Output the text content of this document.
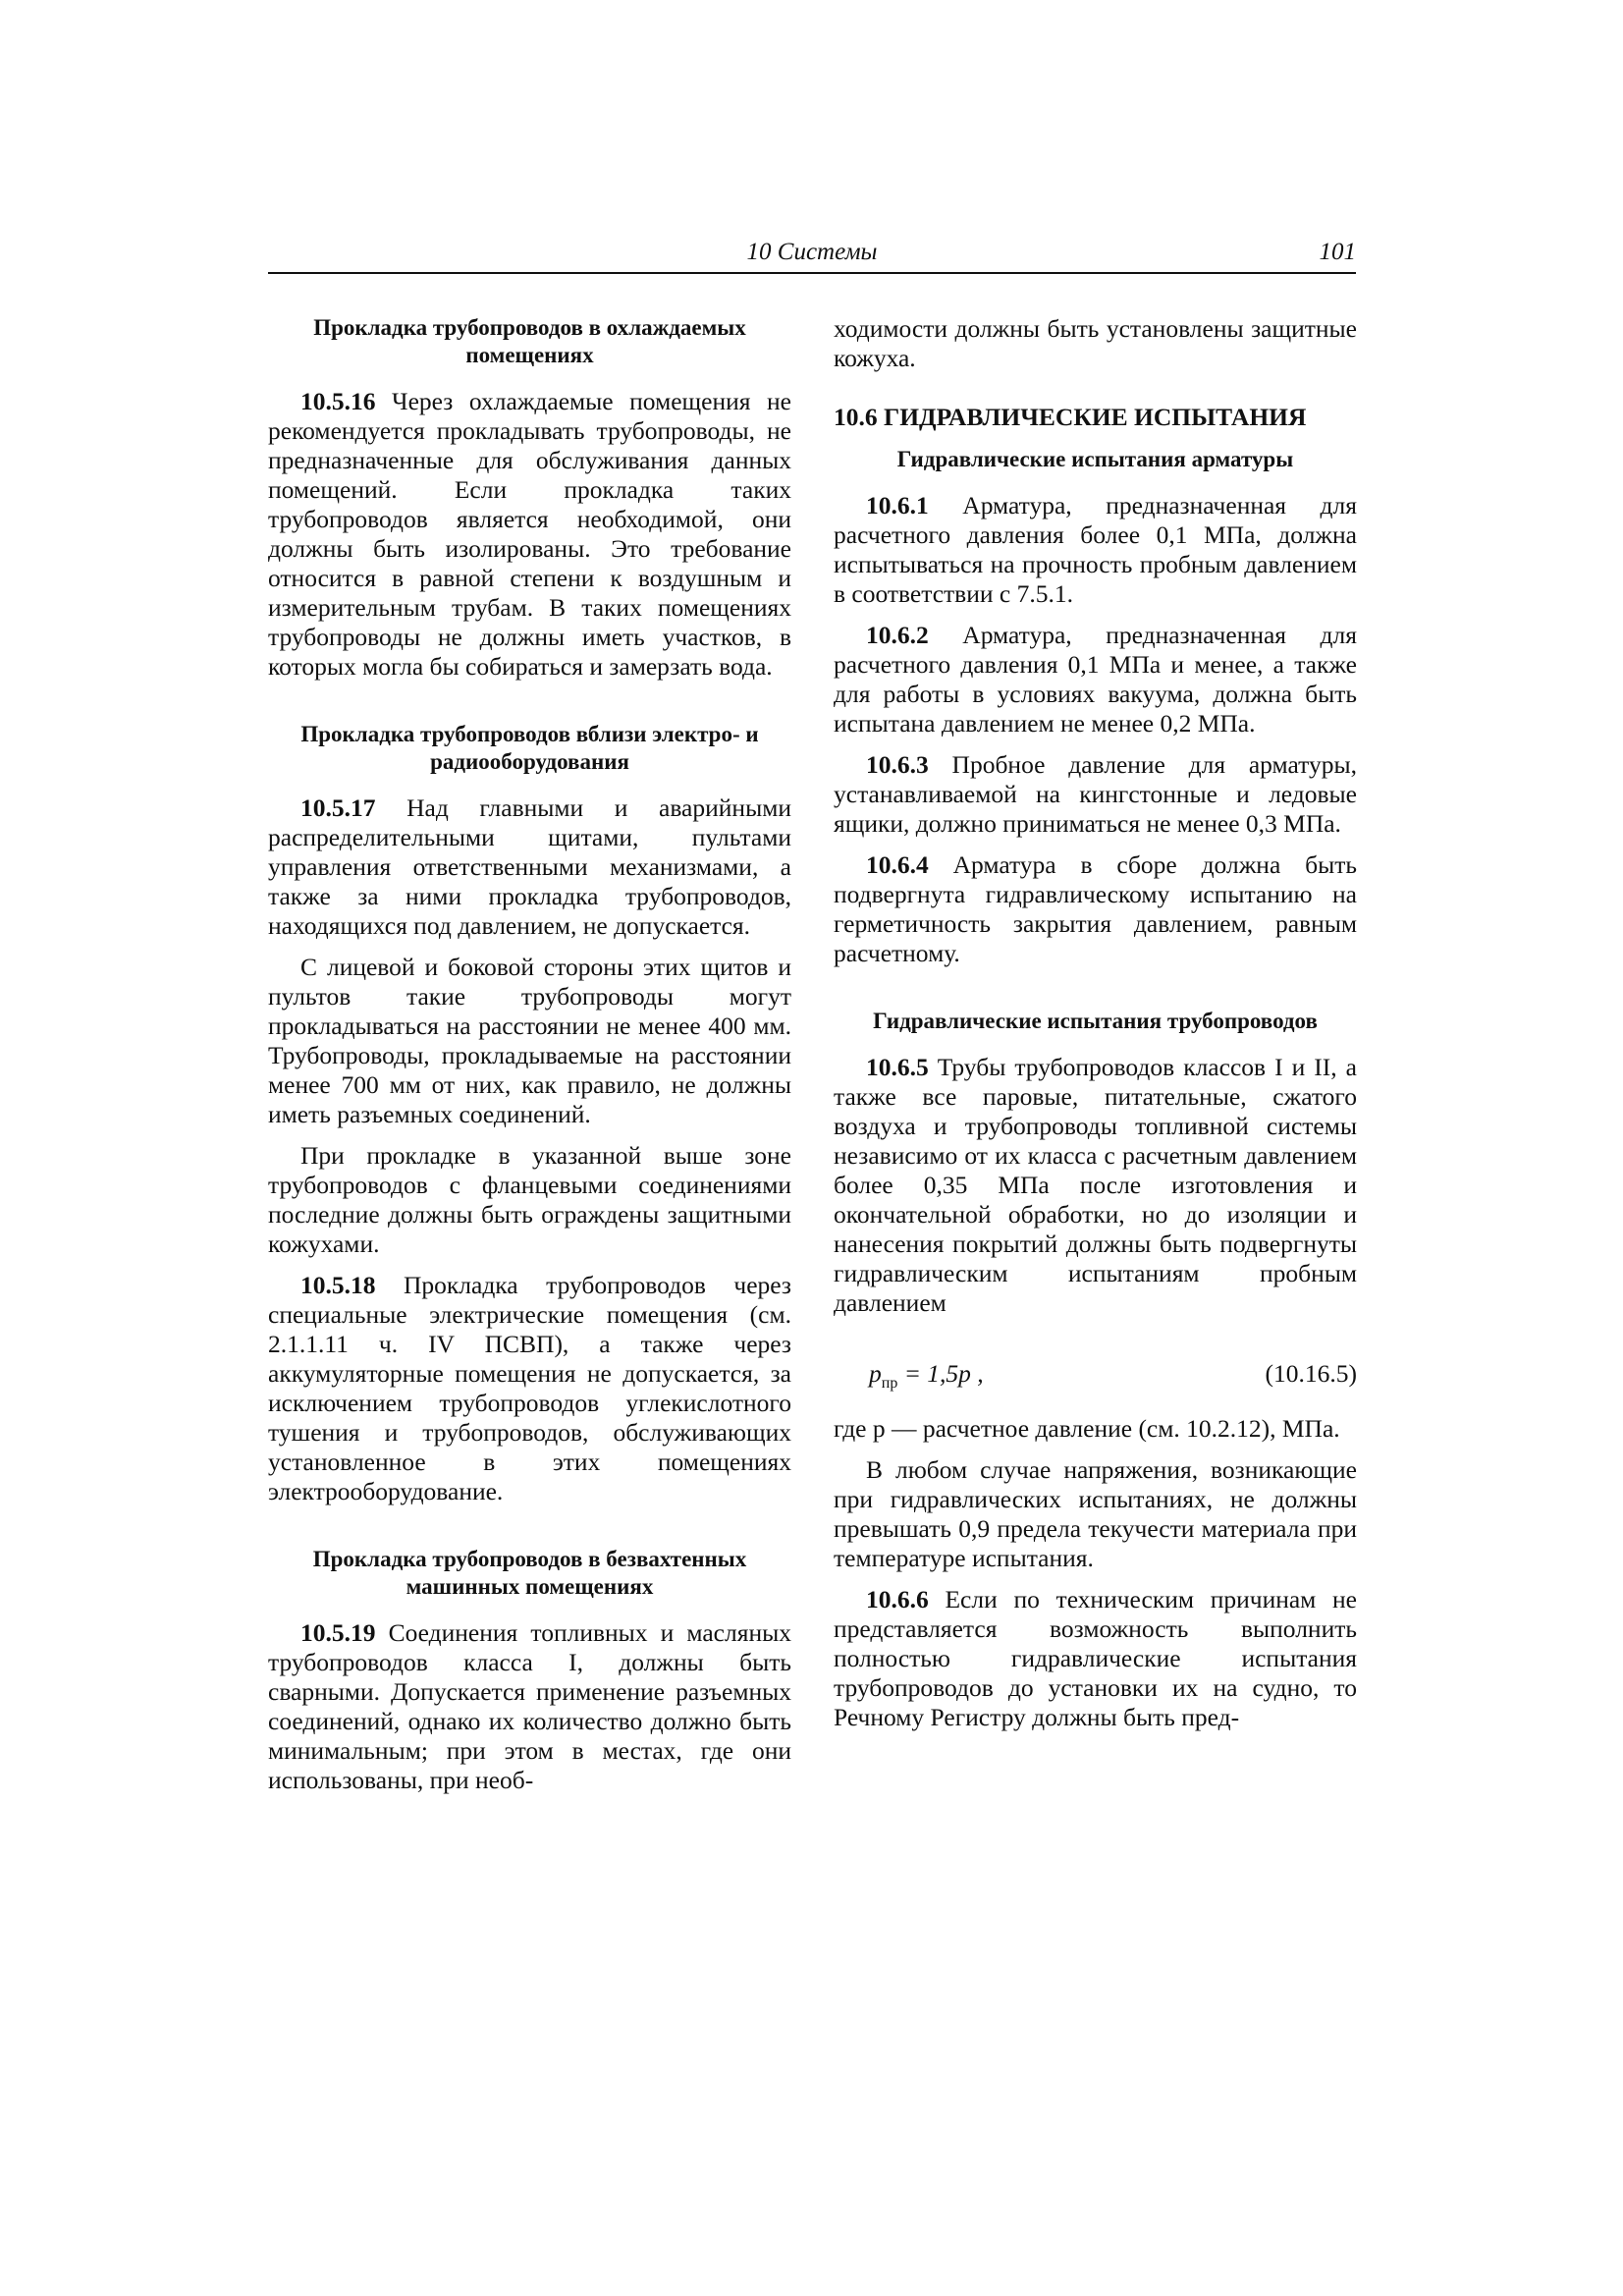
10 Системы	101
Прокладка трубопроводов в охлаждаемых помещениях

10.5.16 Через охлаждаемые помещения не рекомендуется прокладывать трубопроводы, не предназначенные для обслуживания данных помещений. Если прокладка таких трубопроводов является необходимой, они должны быть изолированы. Это требование относится в равной степени к воздушным и измерительным трубам. В таких помещениях трубопроводы не должны иметь участков, в которых могла бы собираться и замерзать вода.

Прокладка трубопроводов вблизи электро- и радиооборудования

10.5.17 Над главными и аварийными распределительными щитами, пультами управления ответственными механизмами, а также за ними прокладка трубопроводов, находящихся под давлением, не допускается.

С лицевой и боковой стороны этих щитов и пультов такие трубопроводы могут прокладываться на расстоянии не менее 400 мм. Трубопроводы, прокладываемые на расстоянии менее 700 мм от них, как правило, не должны иметь разъемных соединений.

При прокладке в указанной выше зоне трубопроводов с фланцевыми соединениями последние должны быть ограждены защитными кожухами.

10.5.18 Прокладка трубопроводов через специальные электрические помещения (см. 2.1.1.11 ч. IV ПСВП), а также через аккумуляторные помещения не допускается, за исключением трубопроводов углекислотного тушения и трубопроводов, обслуживающих установленное в этих помещениях электрооборудование.

Прокладка трубопроводов в безвахтенных машинных помещениях

10.5.19 Соединения топливных и масляных трубопроводов класса I, должны быть сварными. Допускается применение разъемных соединений, однако их количество должно быть минимальным; при этом в местах, где они использованы, при необ-

ходимости должны быть установлены защитные кожуха.

10.6 ГИДРАВЛИЧЕСКИЕ ИСПЫТАНИЯ
Гидравлические испытания арматуры

10.6.1 Арматура, предназначенная для расчетного давления более 0,1 МПа, должна испытываться на прочность пробным давлением в соответствии с 7.5.1.

10.6.2 Арматура, предназначенная для расчетного давления 0,1 МПа и менее, а также для работы в условиях вакуума, должна быть испытана давлением не менее 0,2 МПа.

10.6.3 Пробное давление для арматуры, устанавливаемой на кингстонные и ледовые ящики, должно приниматься не менее 0,3 МПа.

10.6.4 Арматура в сборе должна быть подвергнута гидравлическому испытанию на герметичность закрытия давлением, равным расчетному.

Гидравлические испытания трубопроводов

10.6.5 Трубы трубопроводов классов I и II, а также все паровые, питательные, сжатого воздуха и трубопроводы топливной системы независимо от их класса с расчетным давлением более 0,35 МПа после изготовления и окончательной обработки, но до изоляции и нанесения покрытий должны быть подвергнуты гидравлическим испытаниям пробным давлением

$p_{пр} = 1,5p$ ,	(10.16.5)

где p — расчетное давление (см. 10.2.12), МПа.

В любом случае напряжения, возникающие при гидравлических испытаниях, не должны превышать 0,9 предела текучести материала при температуре испытания.

10.6.6 Если по техническим причинам не представляется возможность выполнить полностью гидравлические испытания трубопроводов до установки их на судно, то Речному Регистру должны быть пред-
